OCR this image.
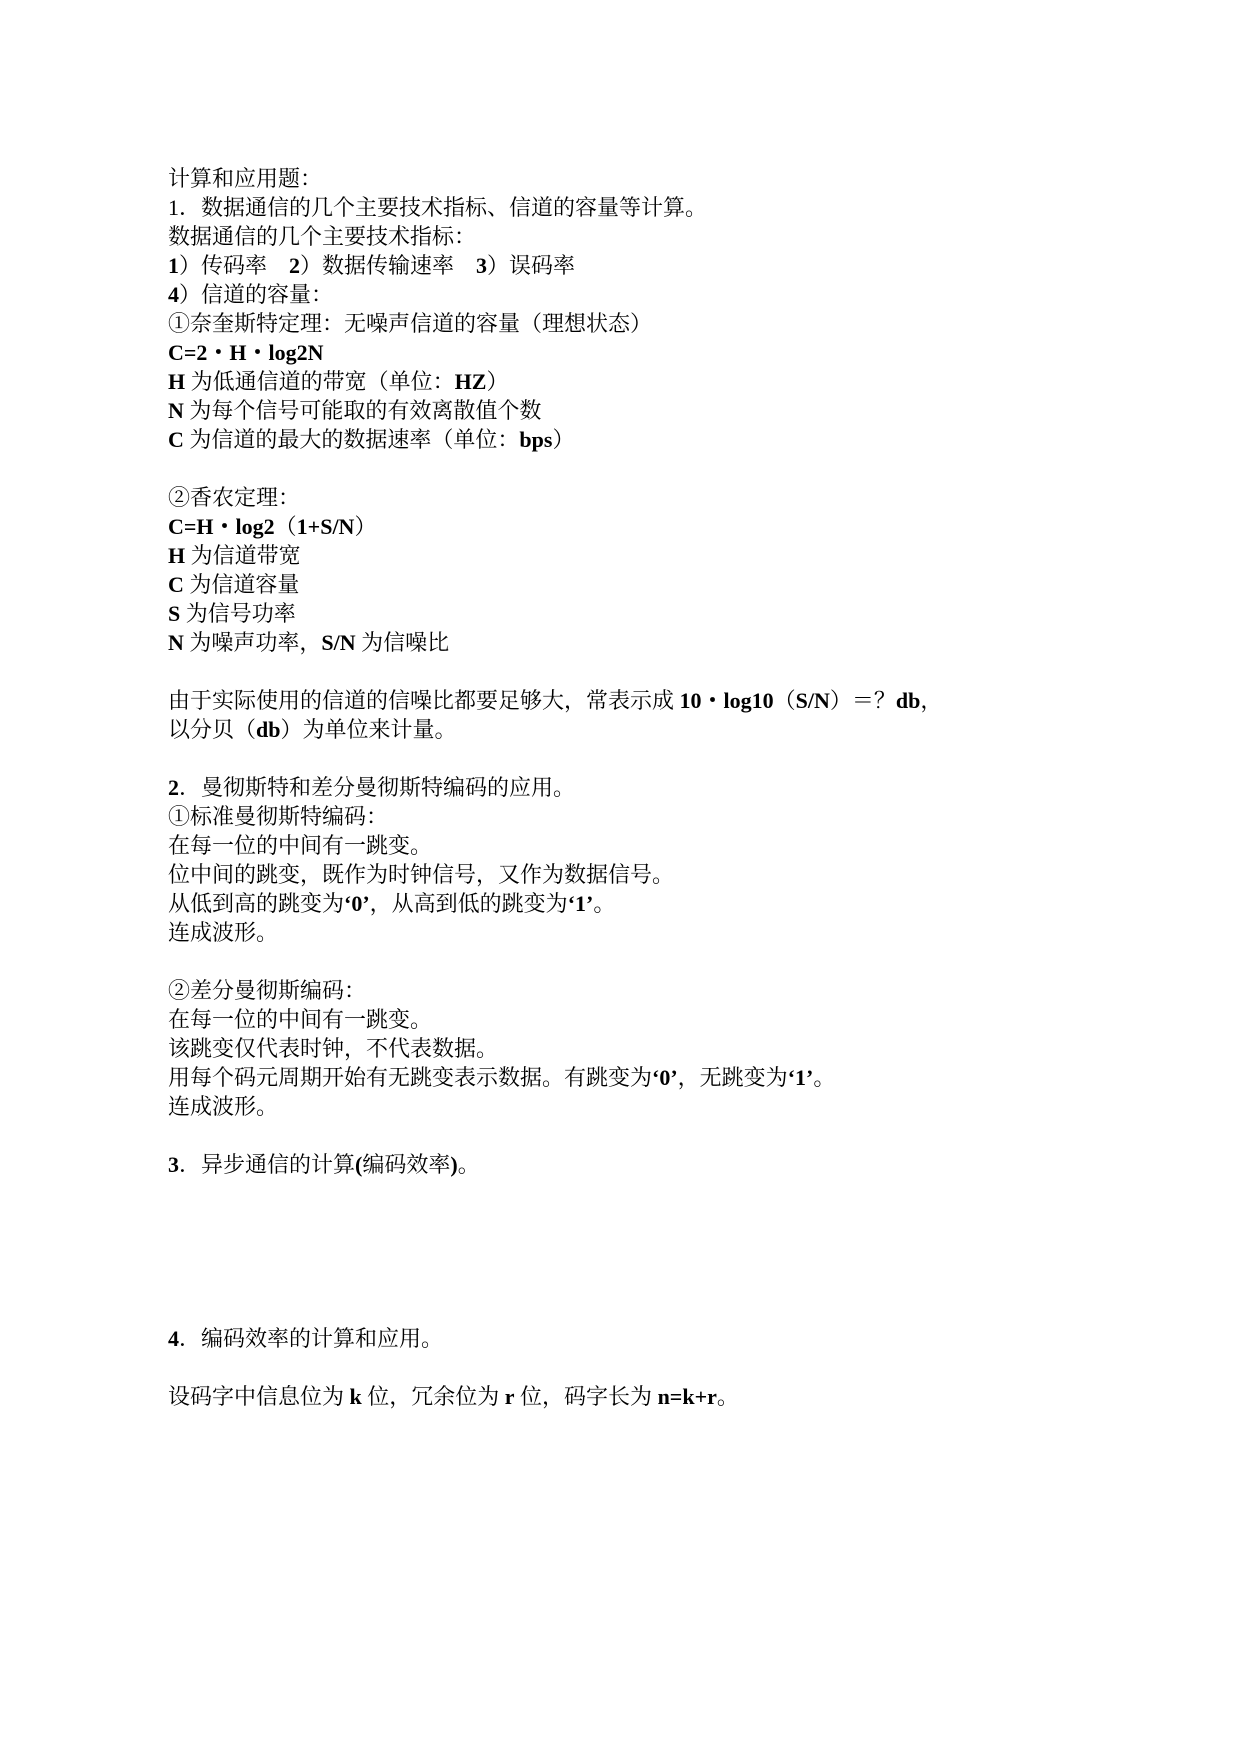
计算和应用题：
1．数据通信的几个主要技术指标、信道的容量等计算。
数据通信的几个主要技术指标：
1 ）传码率　 2 ）数据传输速率　 3 ）误码率
4 ）信道的容量：
①奈奎斯特定理：无噪声信道的容量（理想状态）
C=2・H・log2N
H 为低通信道的带宽（单位： HZ ）
N 为每个信号可能取的有效离散值个数
C 为信道的最大的数据速率（单位： bps ）
②香农定理：
C=H・log2 （ 1+S/N ）
H 为信道带宽
C 为信道容量
S 为信号功率
N 为噪声功率， S/N 为信噪比
由于实际使用的信道的信噪比都要足够大，常表示成 10・log10 （ S/N ）＝？ db ，
以分贝（ db ）为单位来计量。
2 ．曼彻斯特和差分曼彻斯特编码的应用。
①标准曼彻斯特编码：
在每一位的中间有一跳变。
位中间的跳变，既作为时钟信号，又作为数据信号。
从低到高的跳变为 ‘0’ ，从高到低的跳变为 ‘1’ 。
连成波形。
②差分曼彻斯编码：
在每一位的中间有一跳变。
该跳变仅代表时钟，不代表数据。
用每个码元周期开始有无跳变表示数据。有跳变为 ‘0’ ，无跳变为 ‘1’ 。
连成波形。
3 ．异步通信的计算 ( 编码效率 ) 。
4 ．编码效率的计算和应用。
设码字中信息位为 k 位，冗余位为 r 位，码字长为 n=k+r 。
